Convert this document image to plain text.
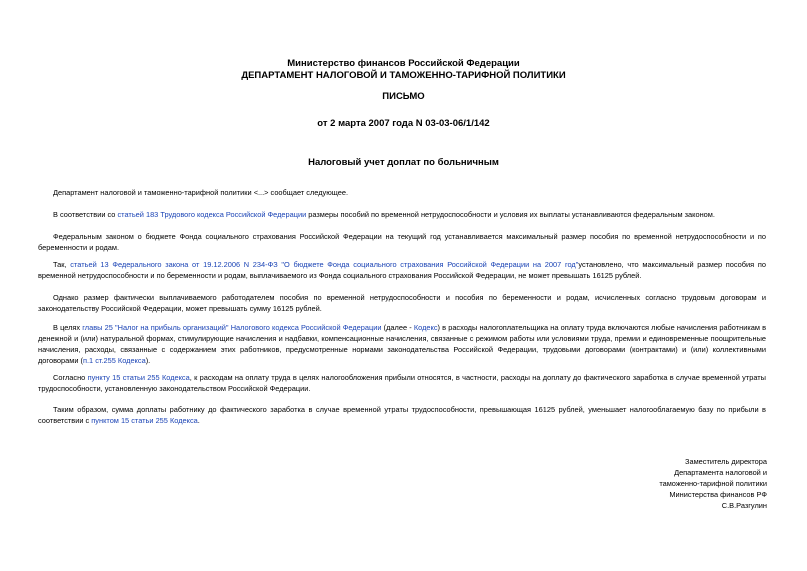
Министерство финансов Российской Федерации
ДЕПАРТАМЕНТ НАЛОГОВОЙ И ТАМОЖЕННО-ТАРИФНОЙ ПОЛИТИКИ
ПИСЬМО
от 2 марта 2007 года N 03-03-06/1/142
Налоговый учет доплат по больничным
Департамент налоговой и таможенно-тарифной политики <...> сообщает следующее.
В соответствии со статьей 183 Трудового кодекса Российской Федерации размеры пособий по временной нетрудоспособности и условия их выплаты устанавливаются федеральным законом.
Федеральным законом о бюджете Фонда социального страхования Российской Федерации на текущий год устанавливается максимальный размер пособия по временной нетрудоспособности и по беременности и родам.
Так, статьей 13 Федерального закона от 19.12.2006 N 234-ФЗ "О бюджете Фонда социального страхования Российской Федерации на 2007 год"установлено, что максимальный размер пособия по временной нетрудоспособности и по беременности и родам, выплачиваемого из Фонда социального страхования Российской Федерации, не может превышать 16125 рублей.
Однако размер фактически выплачиваемого работодателем пособия по временной нетрудоспособности и пособия по беременности и родам, исчисленных согласно трудовым договорам и законодательству Российской Федерации, может превышать сумму 16125 рублей.
В целях главы 25 "Налог на прибыль организаций" Налогового кодекса Российской Федерации (далее - Кодекс) в расходы налогоплательщика на оплату труда включаются любые начисления работникам в денежной и (или) натуральной формах, стимулирующие начисления и надбавки, компенсационные начисления, связанные с режимом работы или условиями труда, премии и единовременные поощрительные начисления, расходы, связанные с содержанием этих работников, предусмотренные нормами законодательства Российской Федерации, трудовыми договорами (контрактами) и (или) коллективными договорами (п.1 ст.255 Кодекса).
Согласно пункту 15 статьи 255 Кодекса, к расходам на оплату труда в целях налогообложения прибыли относятся, в частности, расходы на доплату до фактического заработка в случае временной утраты трудоспособности, установленную законодательством Российской Федерации.
Таким образом, сумма доплаты работнику до фактического заработка в случае временной утраты трудоспособности, превышающая 16125 рублей, уменьшает налогооблагаемую базу по прибыли в соответствии с пунктом 15 статьи 255 Кодекса.
Заместитель директора
Департамента налоговой и
таможенно-тарифной политики
Министерства финансов РФ
С.В.Разгулин
